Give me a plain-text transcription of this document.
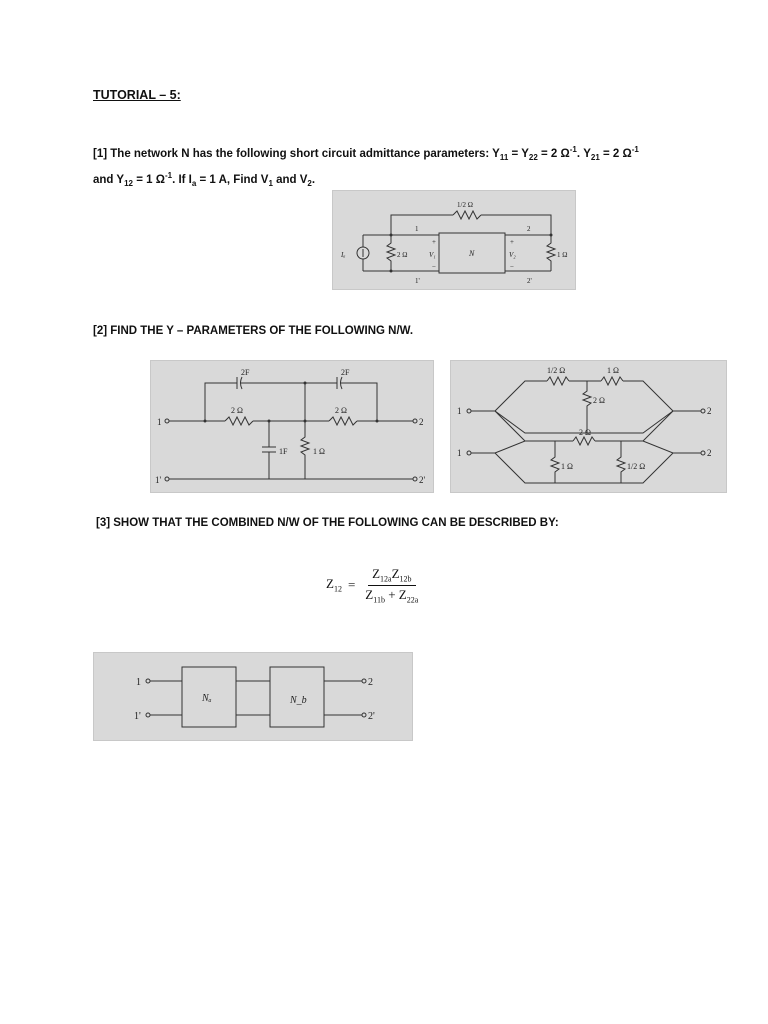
TUTORIAL – 5:
[1] The network N has the following short circuit admittance parameters: $Y_{11} = Y_{22} = 2$ $\Omega^{-1}$. $Y_{21} = 2$ $\Omega^{-1}$
and $Y_{12} = 1$ $\Omega^{-1}$. If $I_a = 1$ A, Find $V_1$ and $V_2$.
1/2 Ω
2 Ω	1 Ω
Iₐ	V₁	V₂
N
1
1'
2
2'
+
−
+
−
[2] FIND THE Y – PARAMETERS OF THE FOLLOWING N/W.
2F	2F
2 Ω	2 Ω
1F	1 Ω
1
1'
2
2'
1/2 Ω	1 Ω
2 Ω
2 Ω
1 Ω	1/2 Ω
1
1
2
2
[3] SHOW THAT THE COMBINED N/W OF THE FOLLOWING CAN BE DESCRIBED BY:
$Z_{12} = \frac{Z_{12a}Z_{12b}}{Z_{11b} + Z_{22a}}$
Nₐ	N_b
1
1'
2
2'
